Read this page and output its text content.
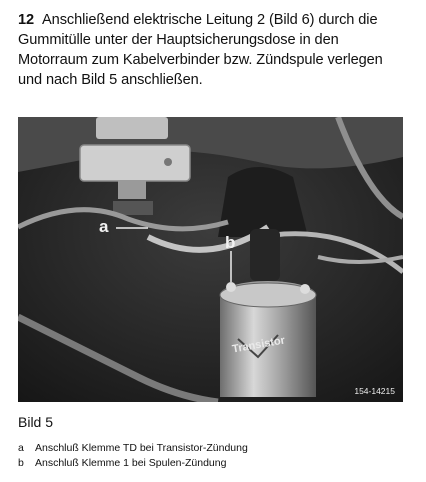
12 Anschließend elektrische Leitung 2 (Bild 6) durch die Gummitülle unter der Hauptsicherungsdose in den Motorraum zum Kabelverbinder bzw. Zündspule verlegen und nach Bild 5 anschließen.

a
b
Transistor
154-14215

Bild 5

a	Anschluß Klemme TD bei Transistor-Zündung
b	Anschluß Klemme 1 bei Spulen-Zündung
